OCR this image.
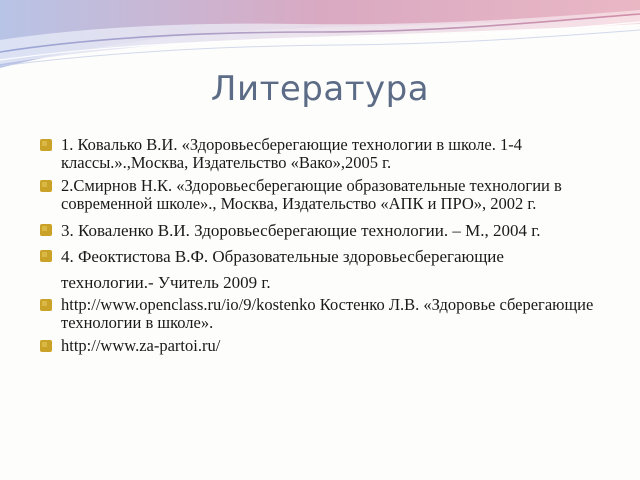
Литература
1. Ковалько В.И. «Здоровьесберегающие технологии в школе. 1-4 классы.».,Москва, Издательство «Вако»,2005 г.
2.Смирнов Н.К. «Здоровьесберегающие образовательные технологии в современной школе»., Москва, Издательство «АПК и ПРО», 2002 г.
3. Коваленко В.И. Здоровьесберегающие технологии. – М., 2004 г.
4. Феоктистова В.Ф. Образовательные здоровьесберегающие технологии.- Учитель 2009 г.
http://www.openclass.ru/io/9/kostenko Костенко Л.В. «Здоровье сберегающие технологии в школе».
http://www.za-partoi.ru/
